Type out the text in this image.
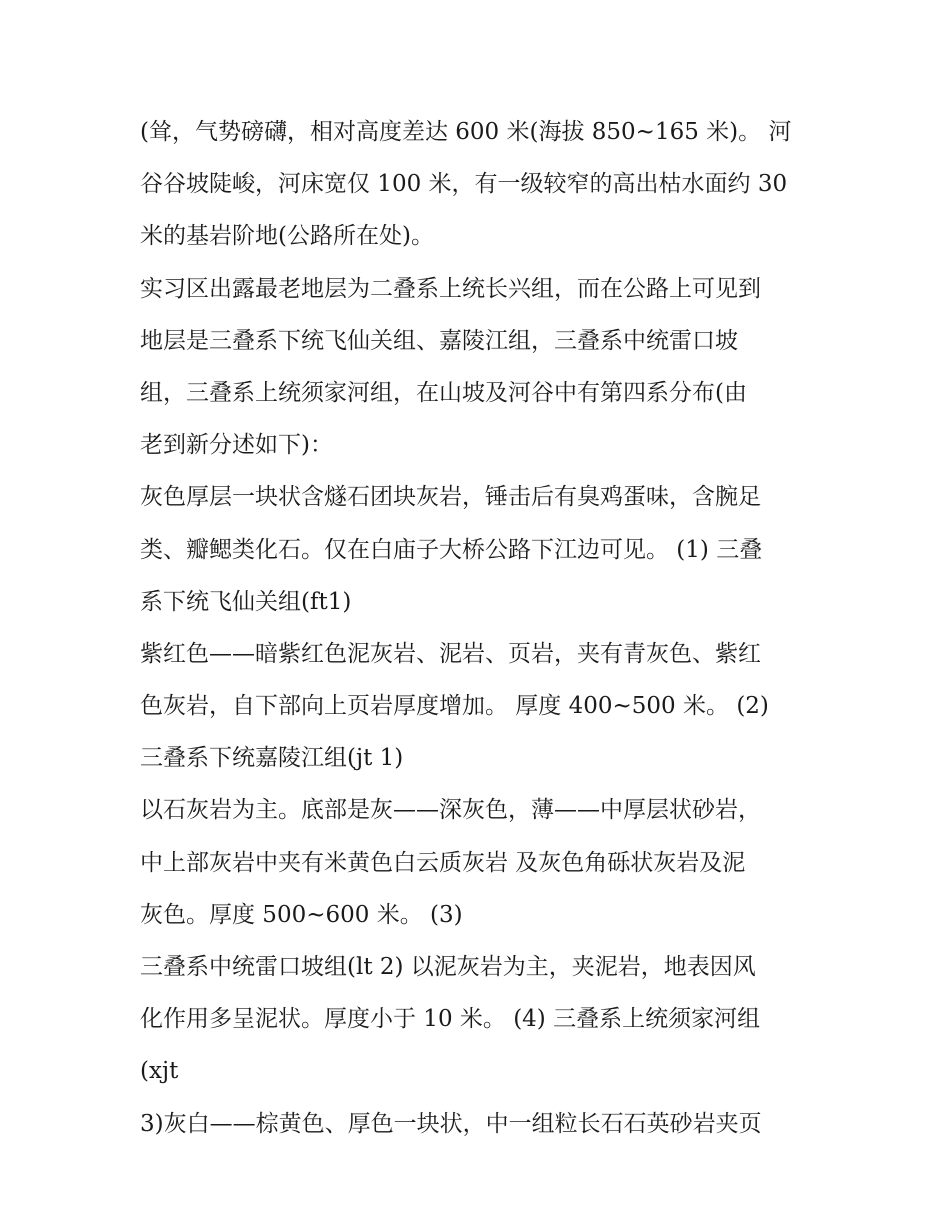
(耸，气势磅礴，相对高度差达 600 米(海拔 850~165 米)。 河
谷谷坡陡峻，河床宽仅 100 米，有一级较窄的高出枯水面约 30
米的基岩阶地(公路所在处)。
实习区出露最老地层为二叠系上统长兴组，而在公路上可见到
地层是三叠系下统飞仙关组、嘉陵江组，三叠系中统雷口坡
组，三叠系上统须家河组，在山坡及河谷中有第四系分布(由
老到新分述如下)：
灰色厚层一块状含燧石团块灰岩，锤击后有臭鸡蛋味，含腕足
类、瓣鳃类化石。仅在白庙子大桥公路下江边可见。 (1) 三叠
系下统飞仙关组(ft1)
紫红色——暗紫红色泥灰岩、泥岩、页岩，夹有青灰色、紫红
色灰岩，自下部向上页岩厚度增加。 厚度 400~500 米。 (2)
三叠系下统嘉陵江组(jt 1)
以石灰岩为主。底部是灰——深灰色，薄——中厚层状砂岩，
中上部灰岩中夹有米黄色白云质灰岩 及灰色角砾状灰岩及泥
灰色。厚度 500~600 米。 (3)
三叠系中统雷口坡组(lt 2) 以泥灰岩为主，夹泥岩，地表因风
化作用多呈泥状。厚度小于 10 米。 (4) 三叠系上统须家河组
(xjt
3)灰白——棕黄色、厚色一块状，中一组粒长石石英砂岩夹页
